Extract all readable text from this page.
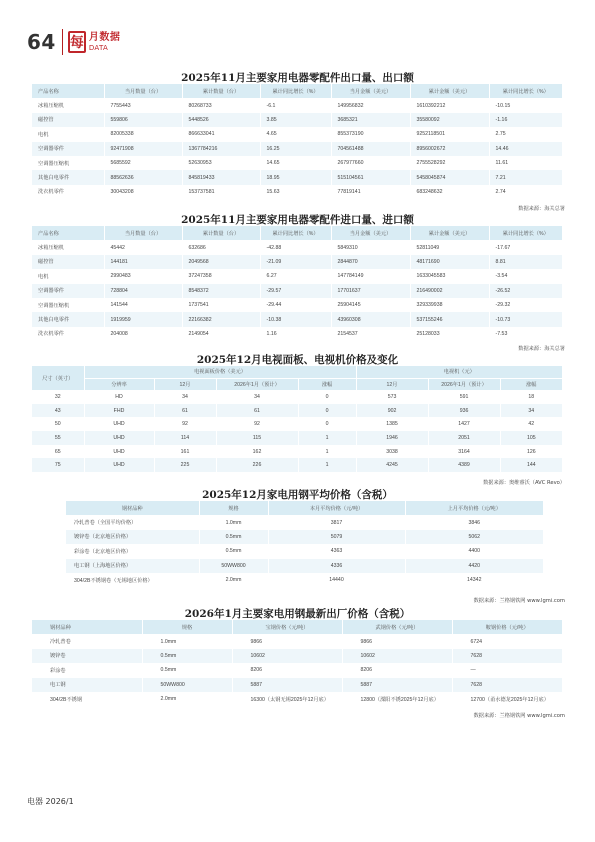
64 每 月数据
DATA
2025年11月主要家用电器零配件出口量、出口额
产品名称	当月数量（台）	累计数量（台）	累计同比增长（%）	当月金额（美元）	累计金额（美元）	累计同比增长（%）
冰箱压缩机	7755443	80268733	-6.1	149956832	1610392212	-10.15
磁控管	559806	5448526	3.85	3685321	35580092	-1.16
电机	82005338	866633041	4.65	855373190	9252118501	2.75
空调器零件	92471908	1367784216	16.25	704561488	8956002672	14.46
空调器压缩机	5685592	52630953	14.65	267977660	2755528292	11.61
其他白电零件	88562636	845819433	18.95	515104561	5458045874	7.21
洗衣机零件	30043208	153737581	15.63	77819141	683248632	2.74
数据来源：海关总署
2025年11月主要家用电器零配件进口量、进口额
产品名称	当月数量（台）	累计数量（台）	累计同比增长（%）	当月金额（美元）	累计金额（美元）	累计同比增长（%）
冰箱压缩机	45442	632686	-42.88	5849310	52811049	-17.67
磁控管	144181	2049568	-21.09	2844870	48171690	8.81
电机	2990483	37247358	6.27	147784149	1633045583	-3.54
空调器零件	728804	8548372	-29.57	17701637	216490002	-26.52
空调器压缩机	141544	1737541	-29.44	25904145	329339938	-29.32
其他白电零件	1919959	22166382	-10.38	43960308	537155246	-10.73
洗衣机零件	204008	2149054	1.16	2154537	25128033	-7.53
数据来源：海关总署
2025年12月电视面板、电视机价格及变化
尺寸（英寸）	电视面板价格（美元）				电视机（元）		
	分辨率	12月	2026年1月（预计）	涨幅	12月	2026年1月（预计）	涨幅
32	HD	34	34	0	573	591	18
43	FHD	61	61	0	902	936	34
50	UHD	92	92	0	1385	1427	42
55	UHD	114	115	1	1946	2051	105
65	UHD	161	162	1	3038	3164	126
75	UHD	225	226	1	4245	4389	144
数据来源：奥维睿沃（AVC Revo）
2025年12月家电用钢平均价格（含税）
钢材品种	规格	本月平均价格（元/吨）	上月平均价格（元/吨）
冷轧普卷（全国平均价格）	1.0mm	3817	3846
镀锌卷（北京地区价格）	0.5mm	5079	5062
彩涂卷（北京地区价格）	0.5mm	4363	4400
电工钢（上海地区价格）	50WW800	4336	4420
304/2B不锈钢卷（无锡地区价格）	2.0mm	14440	14342
数据来源：兰格钢铁网 www.lgmi.com
2026年1月主要家电用钢最新出厂价格（含税）
钢材品种	规格	宝钢价格（元/吨）	武钢价格（元/吨）	鞍钢价格（元/吨）
冷轧普卷	1.0mm	9866	9866	6724
镀锌卷	0.5mm	10602	10602	7628
彩涂卷	0.5mm	8206	8206	—
电工钢	50WW800	5887	5887	7628
304/2B不锈钢	2.0mm	16300（太钢无锡2025年12月底）	12800（溧阳不锈2025年12月底）	12700（甬水德龙2025年12月底）
数据来源：兰格钢铁网 www.lgmi.com
电器 2026/1
